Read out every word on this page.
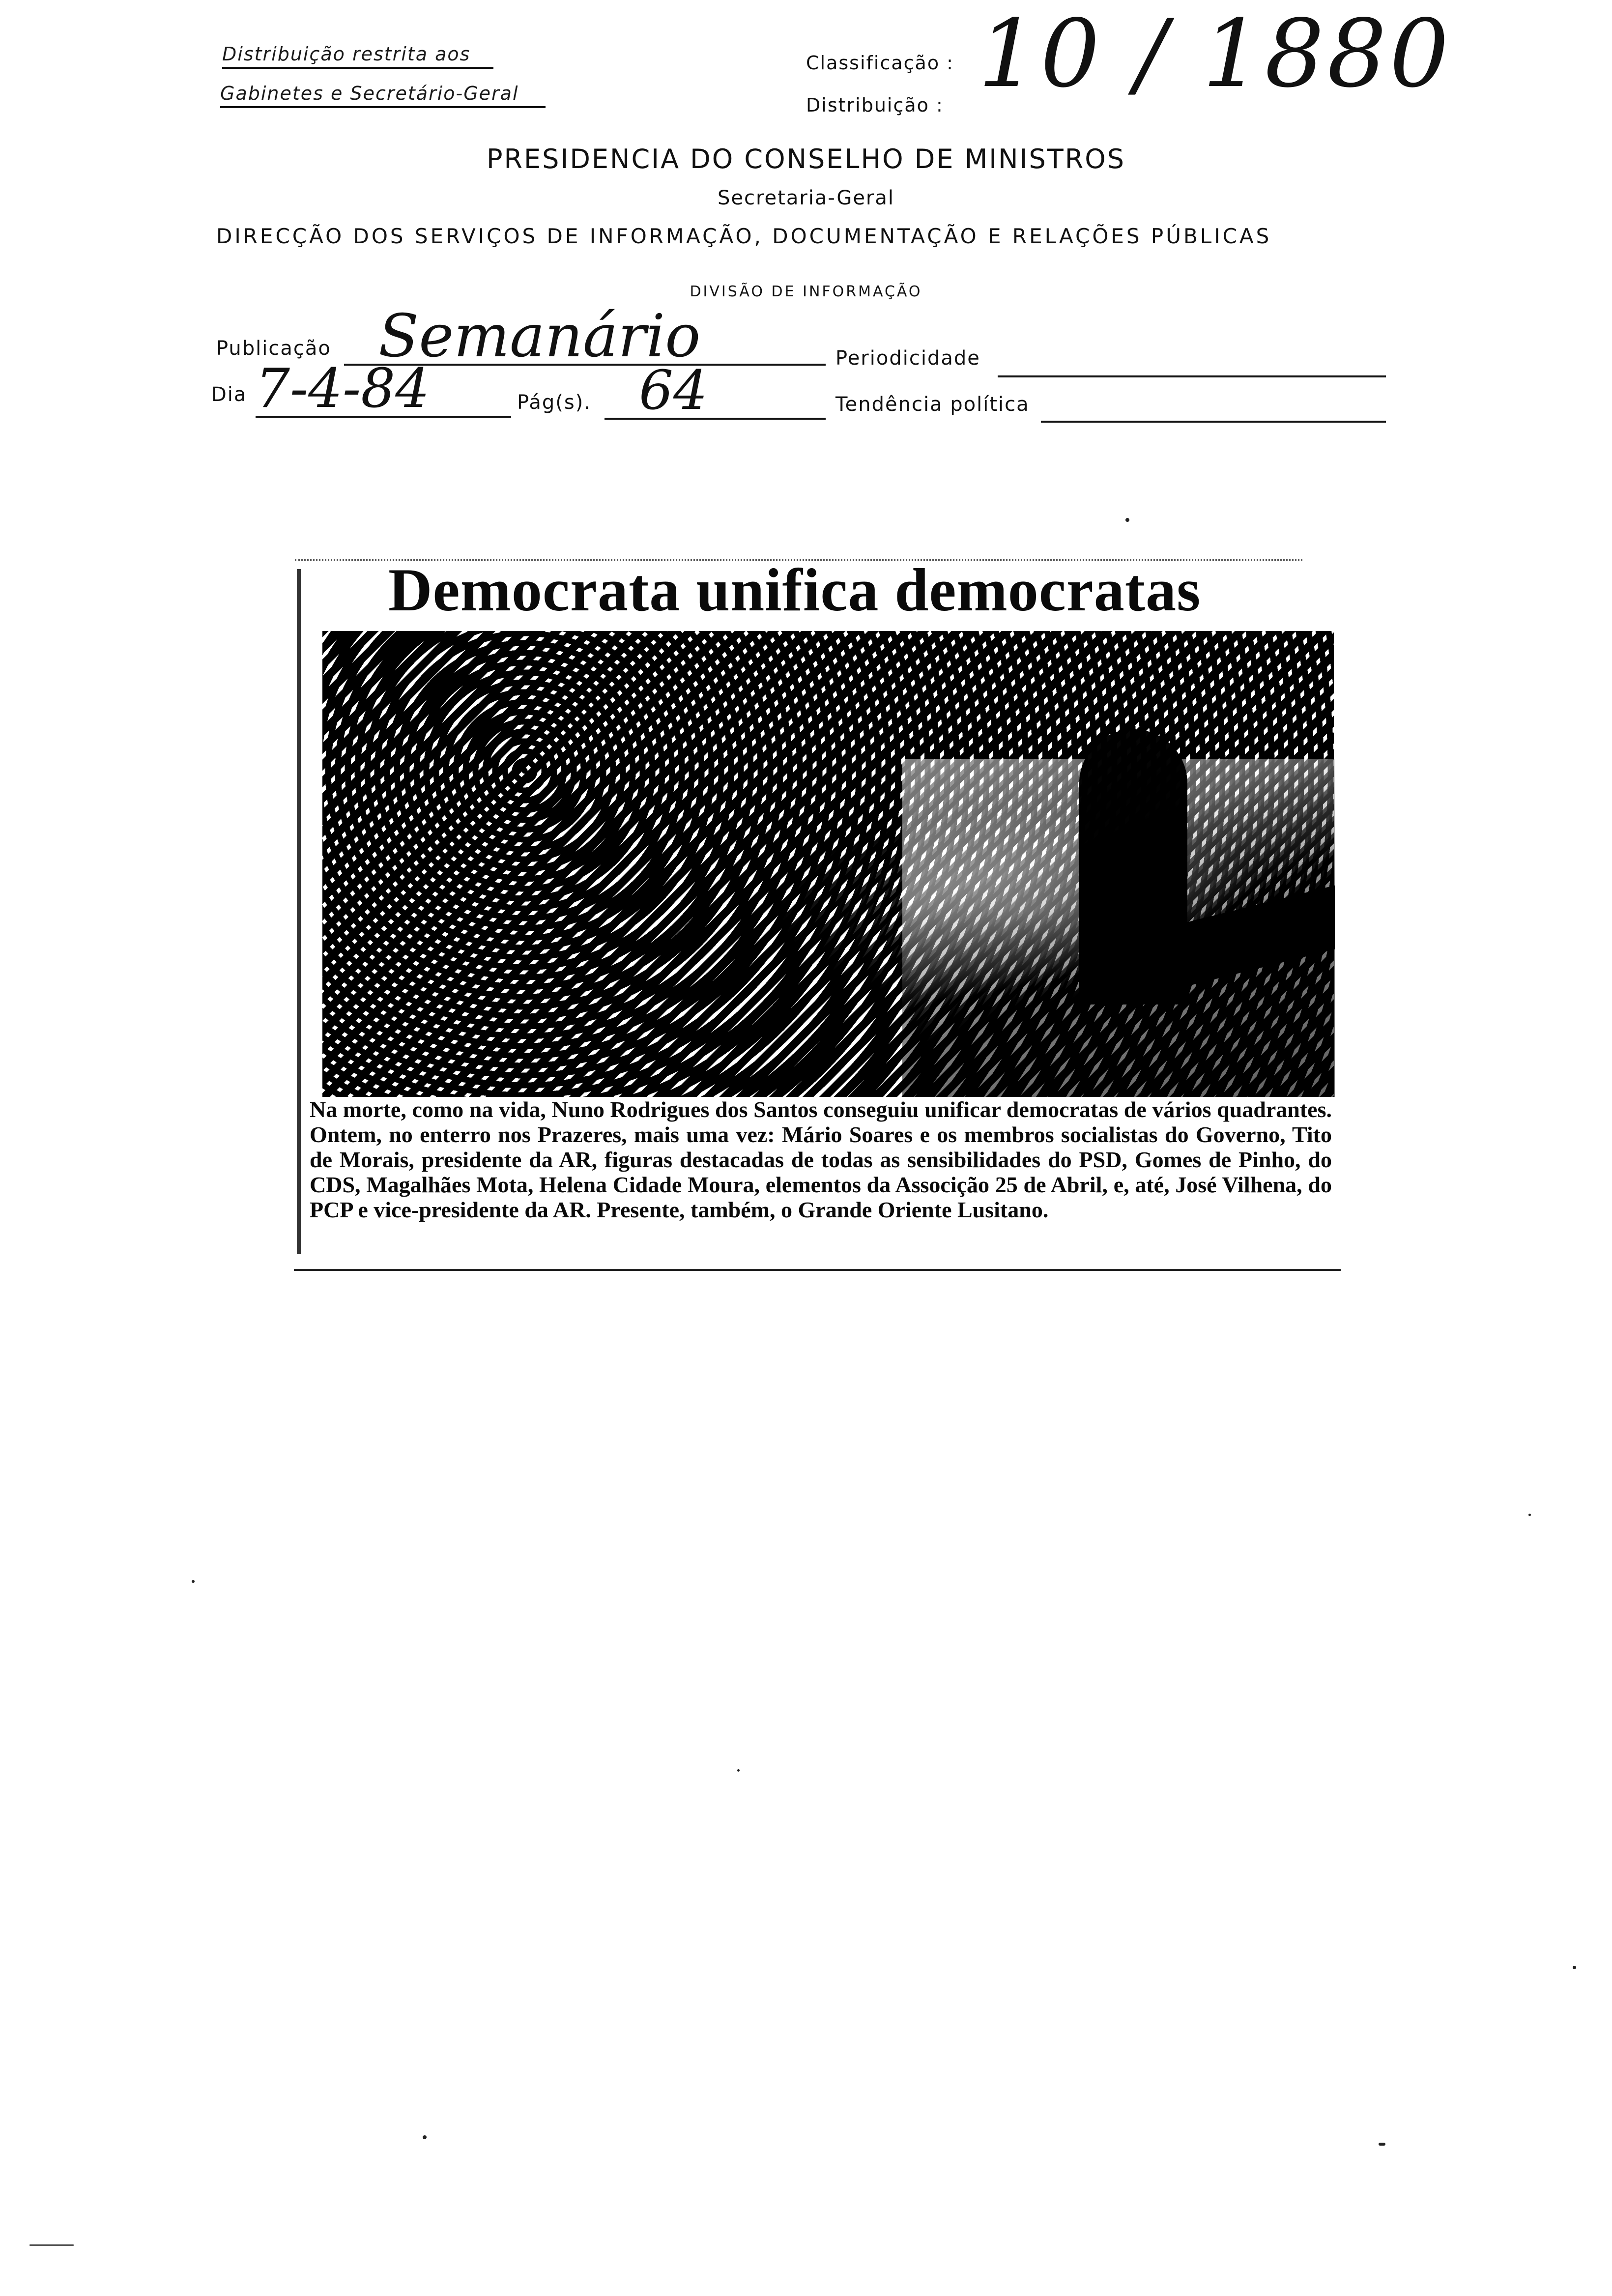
Distribuição restrita aos
Gabinetes e Secretário-Geral
Classificação :
Distribuição : 10 / 1880
PRESIDENCIA DO CONSELHO DE MINISTROS
Secretaria-Geral
DIRECÇÃO DOS SERVIÇOS DE INFORMAÇÃO, DOCUMENTAÇÃO E RELAÇÕES PÚBLICAS
DIVISÃO DE INFORMAÇÃO
Publicação Semanário	Periodicidade
Dia 7-4-84	Pág(s). 64	Tendência política
Democrata unifica democratas
Na morte, como na vida, Nuno Rodrigues dos Santos conseguiu unificar democratas de vários quadrantes. Ontem, no enterro nos Prazeres, mais uma vez: Mário Soares e os membros socialistas do Governo, Tito de Morais, presidente da AR, figuras destacadas de todas as sensibilidades do PSD, Gomes de Pinho, do CDS, Magalhães Mota, Helena Cidade Moura, elementos da Associção 25 de Abril, e, até, José Vilhena, do PCP e vice-presidente da AR. Presente, também, o Grande Oriente Lusitano.
